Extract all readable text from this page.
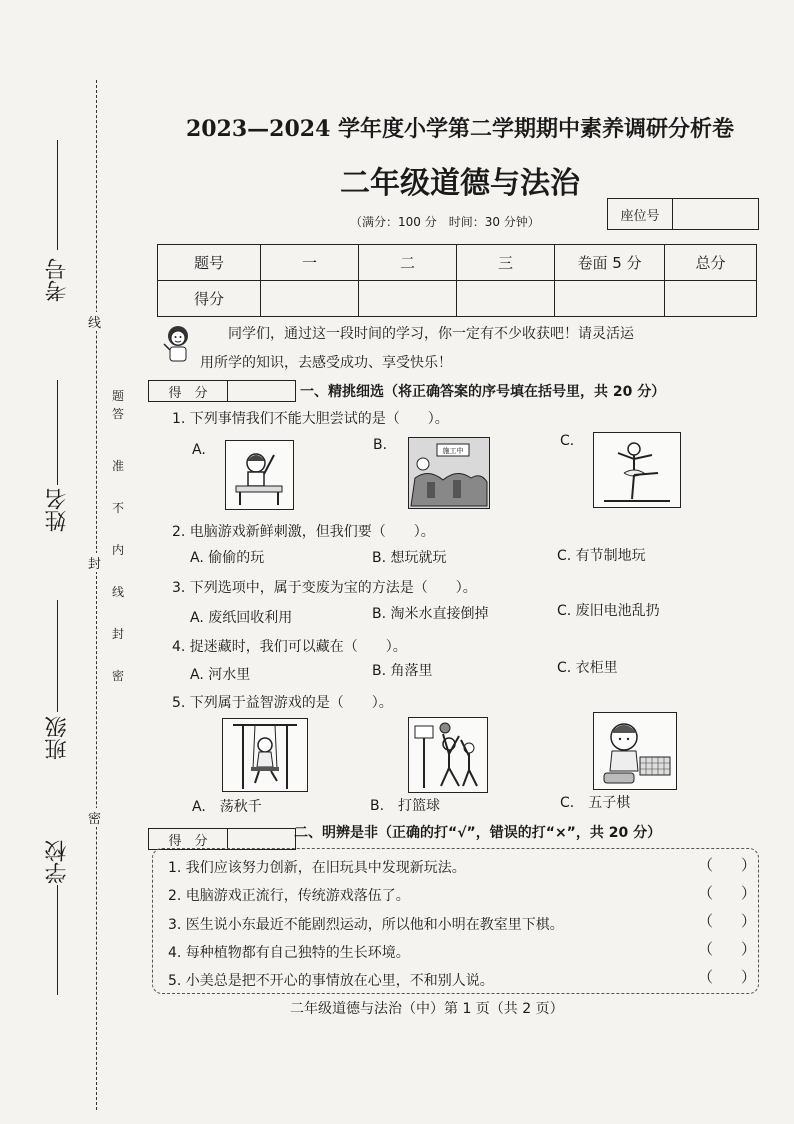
考号
姓名
班级
学校
线
封
密
题
答
准
不
内
线
封
密
2023—2024 学年度小学第二学期期中素养调研分析卷
二年级道德与法治
（满分：100 分　时间：30 分钟）	座位号
题号	一	二	三	卷面 5 分	总分
得分					
同学们，通过这一段时间的学习，你一定有不少收获吧！请灵活运
用所学的知识，去感受成功、享受快乐！
得　分	一、精挑细选（将正确答案的序号填在括号里，共 20 分）
1. 下列事情我们不能大胆尝试的是（　　）。
A.	B.	C.
施工中
2. 电脑游戏新鲜刺激，但我们要（　　）。
A. 偷偷的玩	B. 想玩就玩	C. 有节制地玩
3. 下列选项中，属于变废为宝的方法是（　　）。
A. 废纸回收利用	B. 淘米水直接倒掉	C. 废旧电池乱扔
4. 捉迷藏时，我们可以藏在（　　）。
A. 河水里	B. 角落里	C. 衣柜里
5. 下列属于益智游戏的是（　　）。
A.　荡秋千	B.　打篮球	C.　五子棋
得　分	二、明辨是非（正确的打“√”，错误的打“×”，共 20 分）
1. 我们应该努力创新，在旧玩具中发现新玩法。	（）
2. 电脑游戏正流行，传统游戏落伍了。	（）
3. 医生说小东最近不能剧烈运动，所以他和小明在教室里下棋。	（）
4. 每种植物都有自己独特的生长环境。	（）
5. 小美总是把不开心的事情放在心里，不和别人说。	（）
二年级道德与法治（中）第 1 页（共 2 页）
